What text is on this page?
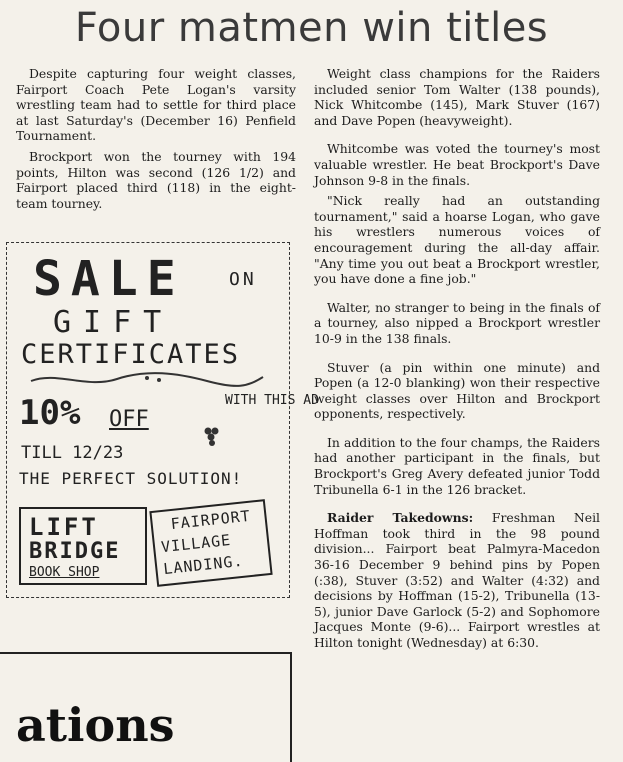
Four matmen win titles

Despite capturing four weight classes, Fairport Coach Pete Logan's varsity wrestling team had to settle for third place at last Saturday's (December 16) Penfield Tournament.

Brockport won the tourney with 194 points, Hilton was second (126 1/2) and Fairport placed third (118) in the eight-team tourney.

Weight class champions for the Raiders included senior Tom Walter (138 pounds), Nick Whitcombe (145), Mark Stuver (167) and Dave Popen (heavyweight).

Whitcombe was voted the tourney's most valuable wrestler. He beat Brockport's Dave Johnson 9-8 in the finals.

"Nick really had an outstanding tournament," said a hoarse Logan, who gave his wrestlers numerous voices of encouragement during the all-day affair. "Any time you out beat a Brockport wrestler, you have done a fine job."

Walter, no stranger to being in the finals of a tourney, also nipped a Brockport wrestler 10-9 in the 138 finals.

Stuver (a pin within one minute) and Popen (a 12-0 blanking) won their respective weight classes over Hilton and Brockport opponents, respectively.

In addition to the four champs, the Raiders had another participant in the finals, but Brockport's Greg Avery defeated junior Todd Tribunella 6-1 in the 126 bracket.

Raider Takedowns: Freshman Neil Hoffman took third in the 98 pound division... Fairport beat Palmyra-Macedon 36-16 December 9 behind pins by Popen (:38), Stuver (3:52) and Walter (4:32) and decisions by Hoffman (15-2), Tribunella (13-5), junior Dave Garlock (5-2) and Sophomore Jacques Monte (9-6)... Fairport wrestles at Hilton tonight (Wednesday) at 6:30.

SALE ON
GIFT
CERTIFICATES
10% OFF
WITH THIS AD
TILL 12/23
THE PERFECT SOLUTION!
LIFT
BRIDGE
BOOK SHOP
FAIRPORT
VILLAGE
LANDING.
ations
